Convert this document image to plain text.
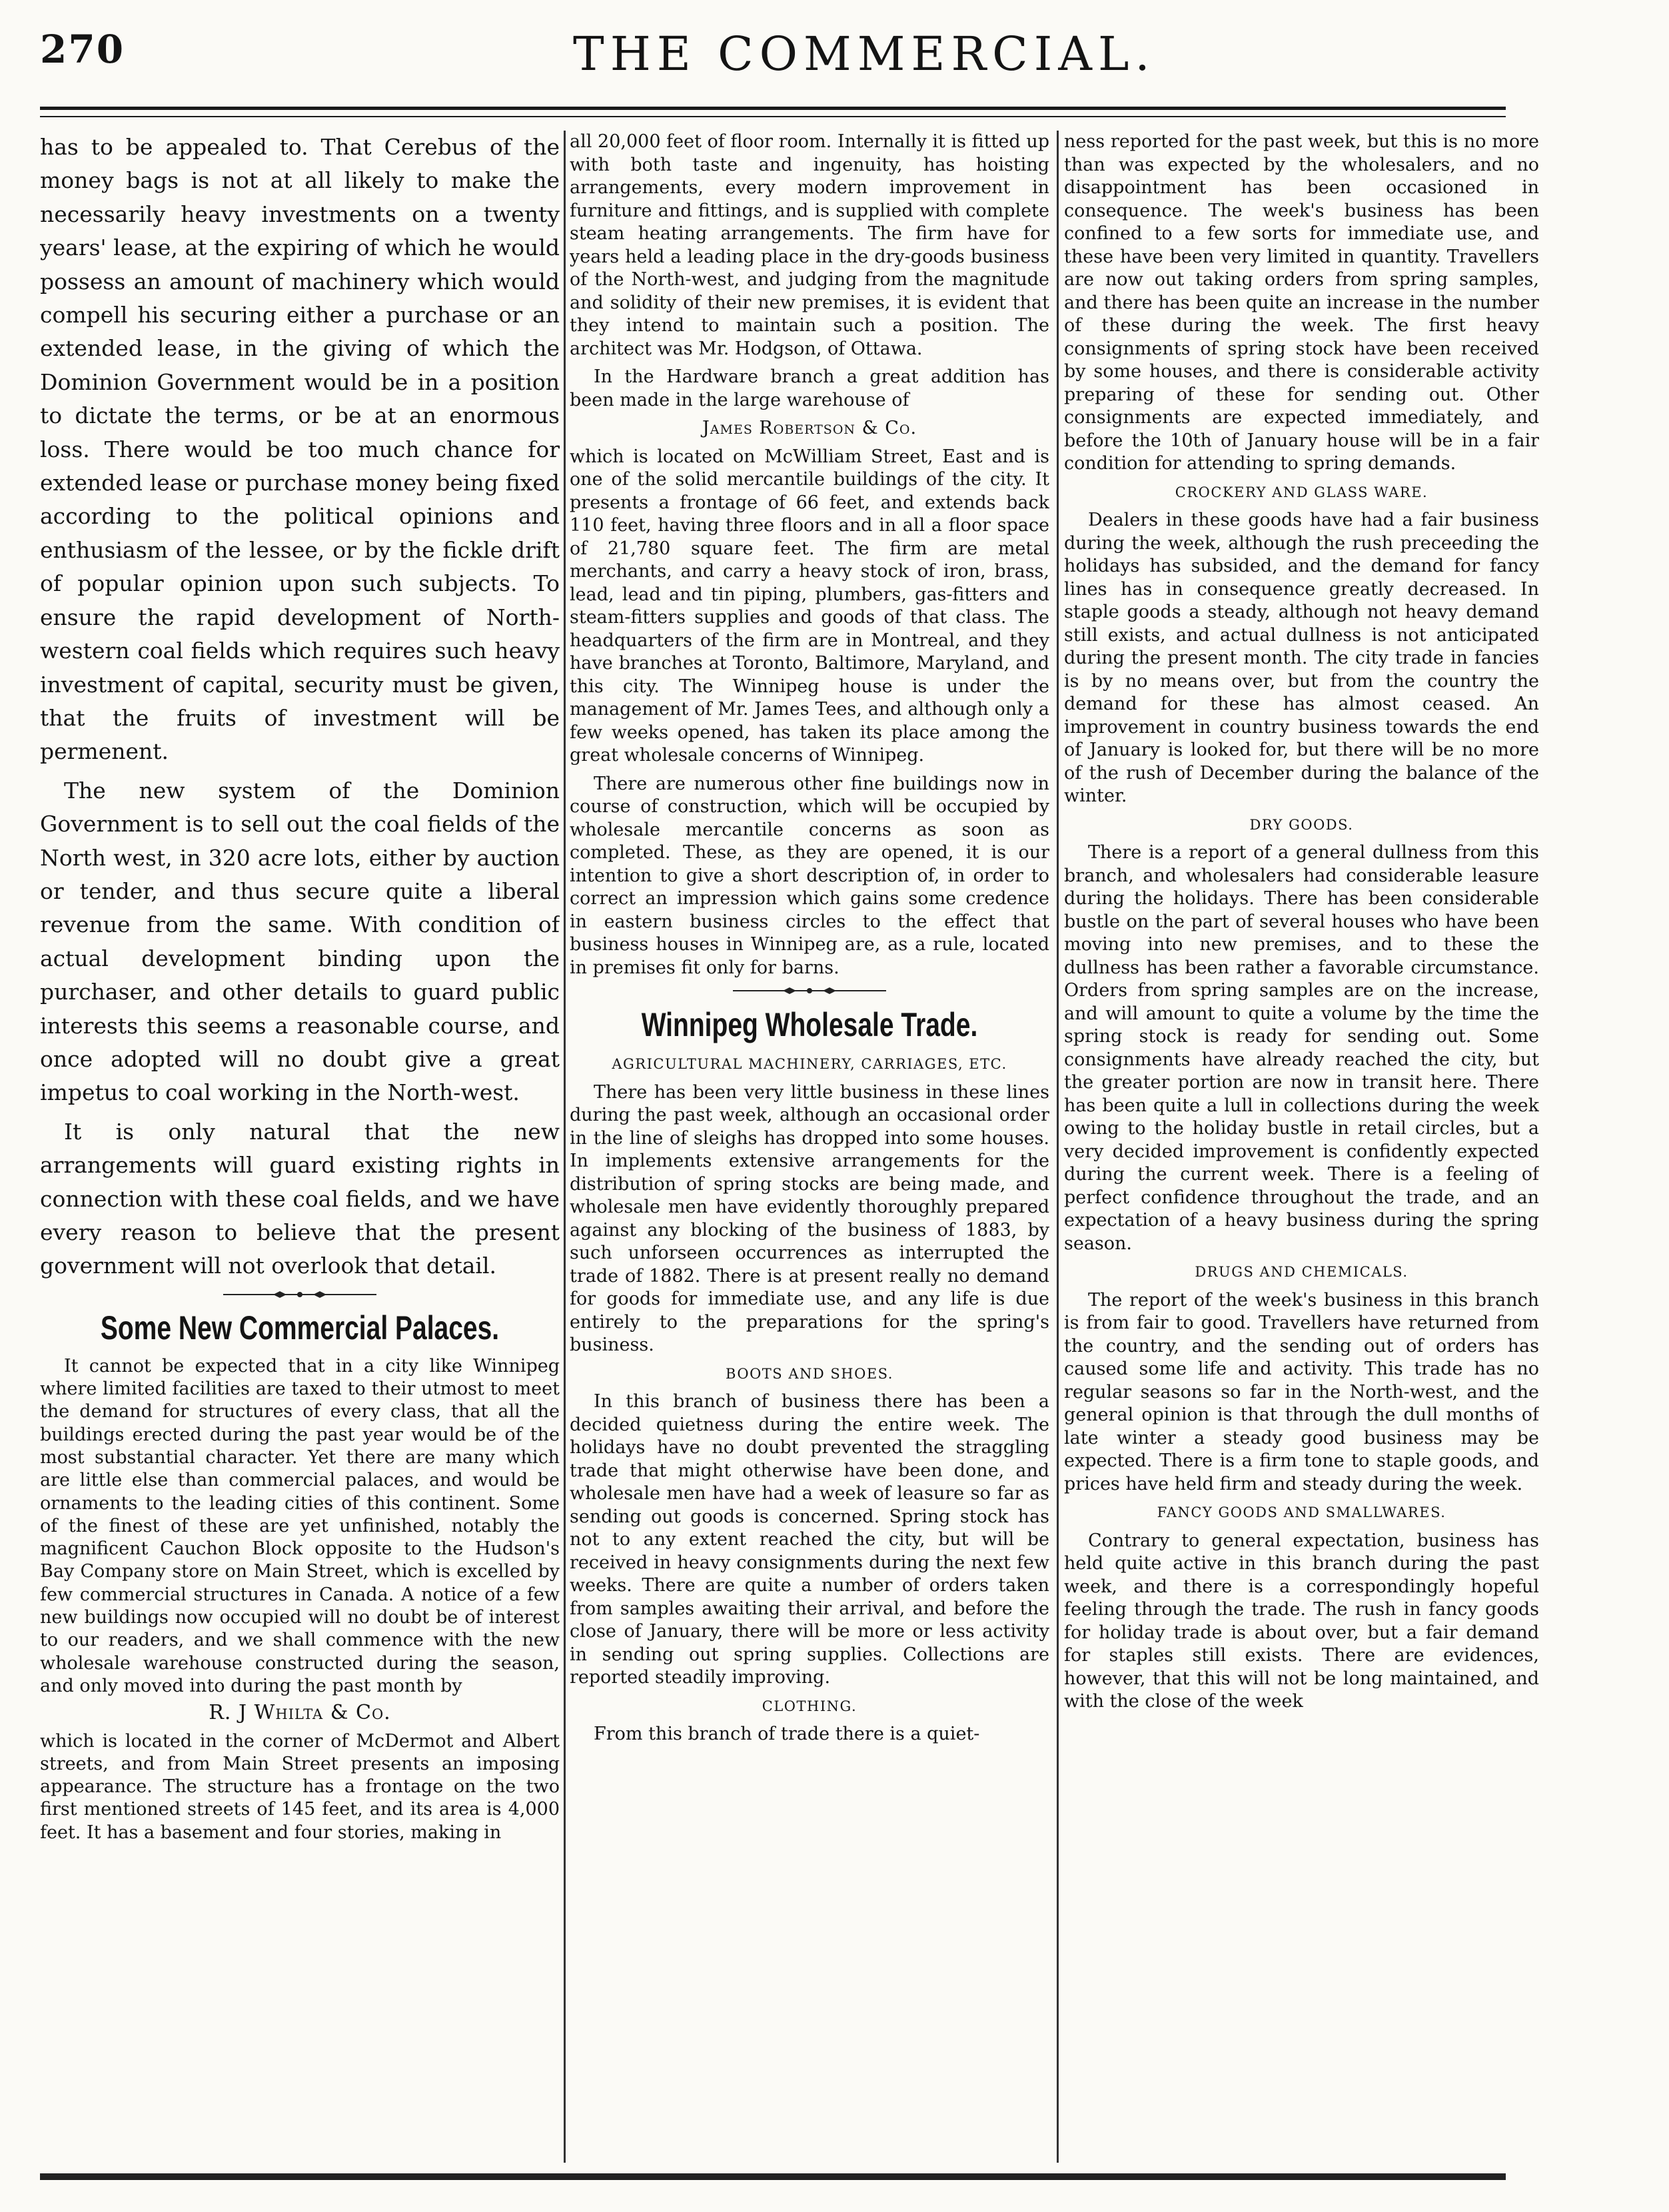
270	THE COMMERCIAL.

has to be appealed to. That Cerebus of the money bags is not at all likely to make the necessarily heavy investments on a twenty years' lease, at the expiring of which he would possess an amount of machinery which would compell his securing either a purchase or an extended lease, in the giving of which the Dominion Government would be in a position to dictate the terms, or be at an enormous loss. There would be too much chance for extended lease or purchase money being fixed according to the political opinions and enthusiasm of the lessee, or by the fickle drift of popular opinion upon such subjects. To ensure the rapid development of North-western coal fields which requires such heavy investment of capital, security must be given, that the fruits of investment will be permenent.

The new system of the Dominion Government is to sell out the coal fields of the North west, in 320 acre lots, either by auction or tender, and thus secure quite a liberal revenue from the same. With condition of actual development binding upon the purchaser, and other details to guard public interests this seems a reasonable course, and once adopted will no doubt give a great impetus to coal working in the North-west.

It is only natural that the new arrangements will guard existing rights in connection with these coal fields, and we have every reason to believe that the present government will not overlook that detail.

Some New Commercial Palaces.

It cannot be expected that in a city like Winnipeg where limited facilities are taxed to their utmost to meet the demand for structures of every class, that all the buildings erected during the past year would be of the most substantial character. Yet there are many which are little else than commercial palaces, and would be ornaments to the leading cities of this continent. Some of the finest of these are yet unfinished, notably the magnificent Cauchon Block opposite to the Hudson's Bay Company store on Main Street, which is excelled by few commercial structures in Canada. A notice of a few new buildings now occupied will no doubt be of interest to our readers, and we shall commence with the new wholesale warehouse constructed during the season, and only moved into during the past month by

R. J Whilta & Co.

which is located in the corner of McDermot and Albert streets, and from Main Street presents an imposing appearance. The structure has a frontage on the two first mentioned streets of 145 feet, and its area is 4,000 feet. It has a basement and four stories, making in

all 20,000 feet of floor room. Internally it is fitted up with both taste and ingenuity, has hoisting arrangements, every modern improvement in furniture and fittings, and is supplied with complete steam heating arrangements. The firm have for years held a leading place in the dry-goods business of the North-west, and judging from the magnitude and solidity of their new premises, it is evident that they intend to maintain such a position. The architect was Mr. Hodgson, of Ottawa.

In the Hardware branch a great addition has been made in the large warehouse of

James Robertson & Co.

which is located on McWilliam Street, East and is one of the solid mercantile buildings of the city. It presents a frontage of 66 feet, and extends back 110 feet, having three floors and in all a floor space of 21,780 square feet. The firm are metal merchants, and carry a heavy stock of iron, brass, lead, lead and tin piping, plumbers, gas-fitters and steam-fitters supplies and goods of that class. The headquarters of the firm are in Montreal, and they have branches at Toronto, Baltimore, Maryland, and this city. The Winnipeg house is under the management of Mr. James Tees, and although only a few weeks opened, has taken its place among the great wholesale concerns of Winnipeg.

There are numerous other fine buildings now in course of construction, which will be occupied by wholesale mercantile concerns as soon as completed. These, as they are opened, it is our intention to give a short description of, in order to correct an impression which gains some credence in eastern business circles to the effect that business houses in Winnipeg are, as a rule, located in premises fit only for barns.

Winnipeg Wholesale Trade.
AGRICULTURAL MACHINERY, CARRIAGES, ETC.

There has been very little business in these lines during the past week, although an occasional order in the line of sleighs has dropped into some houses. In implements extensive arrangements for the distribution of spring stocks are being made, and wholesale men have evidently thoroughly prepared against any blocking of the business of 1883, by such unforseen occurrences as interrupted the trade of 1882. There is at present really no demand for goods for immediate use, and any life is due entirely to the preparations for the spring's business.

BOOTS AND SHOES.

In this branch of business there has been a decided quietness during the entire week. The holidays have no doubt prevented the straggling trade that might otherwise have been done, and wholesale men have had a week of leasure so far as sending out goods is concerned. Spring stock has not to any extent reached the city, but will be received in heavy consignments during the next few weeks. There are quite a number of orders taken from samples awaiting their arrival, and before the close of January, there will be more or less activity in sending out spring supplies. Collections are reported steadily improving.

CLOTHING.

From this branch of trade there is a quiet-

ness reported for the past week, but this is no more than was expected by the wholesalers, and no disappointment has been occasioned in consequence. The week's business has been confined to a few sorts for immediate use, and these have been very limited in quantity. Travellers are now out taking orders from spring samples, and there has been quite an increase in the number of these during the week. The first heavy consignments of spring stock have been received by some houses, and there is considerable activity preparing of these for sending out. Other consignments are expected immediately, and before the 10th of January house will be in a fair condition for attending to spring demands.

CROCKERY AND GLASS WARE.

Dealers in these goods have had a fair business during the week, although the rush preceeding the holidays has subsided, and the demand for fancy lines has in consequence greatly decreased. In staple goods a steady, although not heavy demand still exists, and actual dullness is not anticipated during the present month. The city trade in fancies is by no means over, but from the country the demand for these has almost ceased. An improvement in country business towards the end of January is looked for, but there will be no more of the rush of December during the balance of the winter.

DRY GOODS.

There is a report of a general dullness from this branch, and wholesalers had considerable leasure during the holidays. There has been considerable bustle on the part of several houses who have been moving into new premises, and to these the dullness has been rather a favorable circumstance. Orders from spring samples are on the increase, and will amount to quite a volume by the time the spring stock is ready for sending out. Some consignments have already reached the city, but the greater portion are now in transit here. There has been quite a lull in collections during the week owing to the holiday bustle in retail circles, but a very decided improvement is confidently expected during the current week. There is a feeling of perfect confidence throughout the trade, and an expectation of a heavy business during the spring season.

DRUGS AND CHEMICALS.

The report of the week's business in this branch is from fair to good. Travellers have returned from the country, and the sending out of orders has caused some life and activity. This trade has no regular seasons so far in the North-west, and the general opinion is that through the dull months of late winter a steady good business may be expected. There is a firm tone to staple goods, and prices have held firm and steady during the week.

FANCY GOODS AND SMALLWARES.

Contrary to general expectation, business has held quite active in this branch during the past week, and there is a correspondingly hopeful feeling through the trade. The rush in fancy goods for holiday trade is about over, but a fair demand for staples still exists. There are evidences, however, that this will not be long maintained, and with the close of the week
